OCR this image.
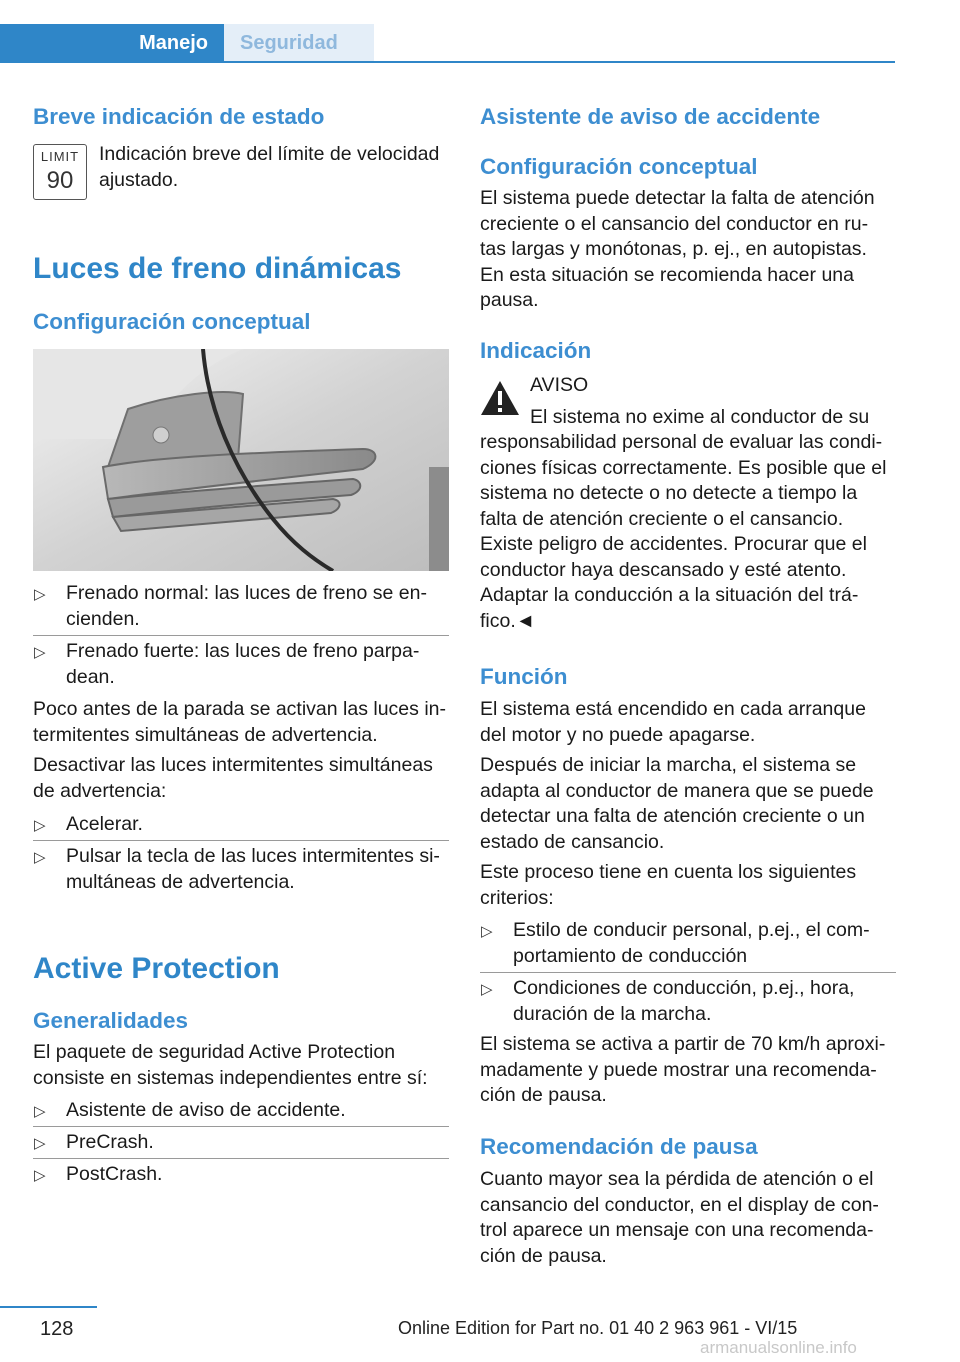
Manejo Seguridad
Breve indicación de estado
LIMIT
90
Indicación breve del límite de velocidad
ajustado.
Luces de freno dinámicas
Configuración conceptual
▷ Frenado normal: las luces de freno se en‐
cienden.
▷ Frenado fuerte: las luces de freno parpa‐
dean.
Poco antes de la parada se activan las luces in‐
termitentes simultáneas de advertencia.
Desactivar las luces intermitentes simultáneas
de advertencia:
▷ Acelerar.
▷ Pulsar la tecla de las luces intermitentes si‐
multáneas de advertencia.
Active Protection
Generalidades
El paquete de seguridad Active Protection
consiste en sistemas independientes entre sí:
▷ Asistente de aviso de accidente.
▷ PreCrash.
▷ PostCrash.
Asistente de aviso de accidente
Configuración conceptual
El sistema puede detectar la falta de atención
creciente o el cansancio del conductor en ru‐
tas largas y monótonas, p. ej., en autopistas.
En esta situación se recomienda hacer una
pausa.
Indicación
AVISO
El sistema no exime al conductor de su
responsabilidad personal de evaluar las condi‐
ciones físicas correctamente. Es posible que el
sistema no detecte o no detecte a tiempo la
falta de atención creciente o el cansancio.
Existe peligro de accidentes. Procurar que el
conductor haya descansado y esté atento.
Adaptar la conducción a la situación del trá‐
fico.◄
Función
El sistema está encendido en cada arranque
del motor y no puede apagarse.
Después de iniciar la marcha, el sistema se
adapta al conductor de manera que se puede
detectar una falta de atención creciente o un
estado de cansancio.
Este proceso tiene en cuenta los siguientes
criterios:
▷ Estilo de conducir personal, p.ej., el com‐
portamiento de conducción
▷ Condiciones de conducción, p.ej., hora,
duración de la marcha.
El sistema se activa a partir de 70 km/h aproxi‐
madamente y puede mostrar una recomenda‐
ción de pausa.
Recomendación de pausa
Cuanto mayor sea la pérdida de atención o el
cansancio del conductor, en el display de con‐
trol aparece un mensaje con una recomenda‐
ción de pausa.
128	Online Edition for Part no. 01 40 2 963 961 - VI/15
armanualsonline.info
